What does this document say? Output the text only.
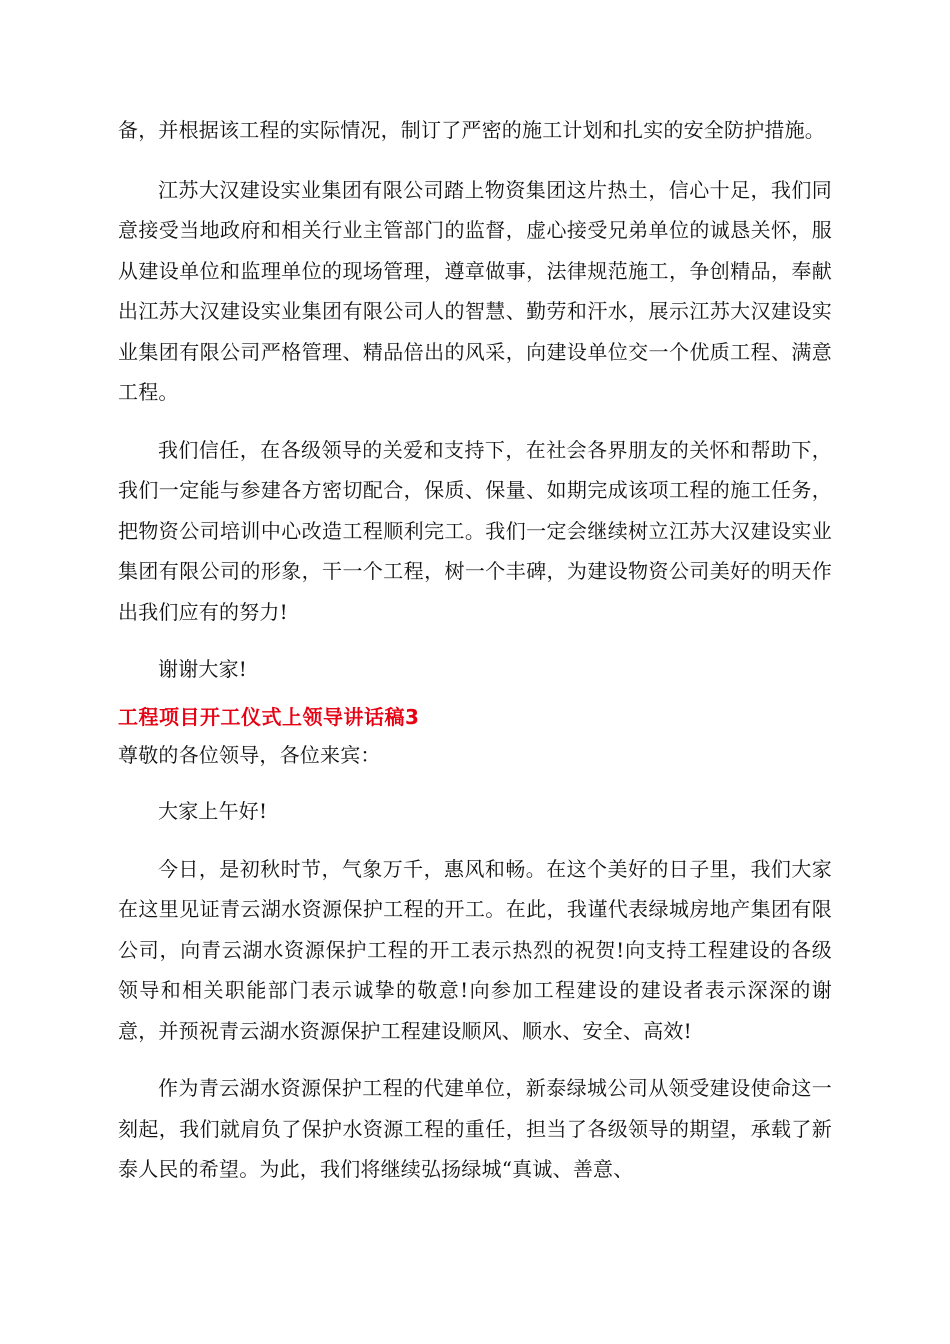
备，并根据该工程的实际情况，制订了严密的施工计划和扎实的安全防护措施。

江苏大汉建设实业集团有限公司踏上物资集团这片热土，信心十足，我们同意接受当地政府和相关行业主管部门的监督，虚心接受兄弟单位的诚恳关怀，服从建设单位和监理单位的现场管理，遵章做事，法律规范施工，争创精品，奉献出江苏大汉建设实业集团有限公司人的智慧、勤劳和汗水，展示江苏大汉建设实业集团有限公司严格管理、精品倍出的风采，向建设单位交一个优质工程、满意工程。

我们信任，在各级领导的关爱和支持下，在社会各界朋友的关怀和帮助下，我们一定能与参建各方密切配合，保质、保量、如期完成该项工程的施工任务，把物资公司培训中心改造工程顺利完工。我们一定会继续树立江苏大汉建设实业集团有限公司的形象，干一个工程，树一个丰碑，为建设物资公司美好的明天作出我们应有的努力!

谢谢大家!

工程项目开工仪式上领导讲话稿3

尊敬的各位领导，各位来宾：

大家上午好!

今日，是初秋时节，气象万千，惠风和畅。在这个美好的日子里，我们大家在这里见证青云湖水资源保护工程的开工。在此，我谨代表绿城房地产集团有限公司，向青云湖水资源保护工程的开工表示热烈的祝贺!向支持工程建设的各级领导和相关职能部门表示诚挚的敬意!向参加工程建设的建设者表示深深的谢意，并预祝青云湖水资源保护工程建设顺风、顺水、安全、高效!

作为青云湖水资源保护工程的代建单位，新泰绿城公司从领受建设使命这一刻起，我们就肩负了保护水资源工程的重任，担当了各级领导的期望，承载了新泰人民的希望。为此，我们将继续弘扬绿城“真诚、善意、
